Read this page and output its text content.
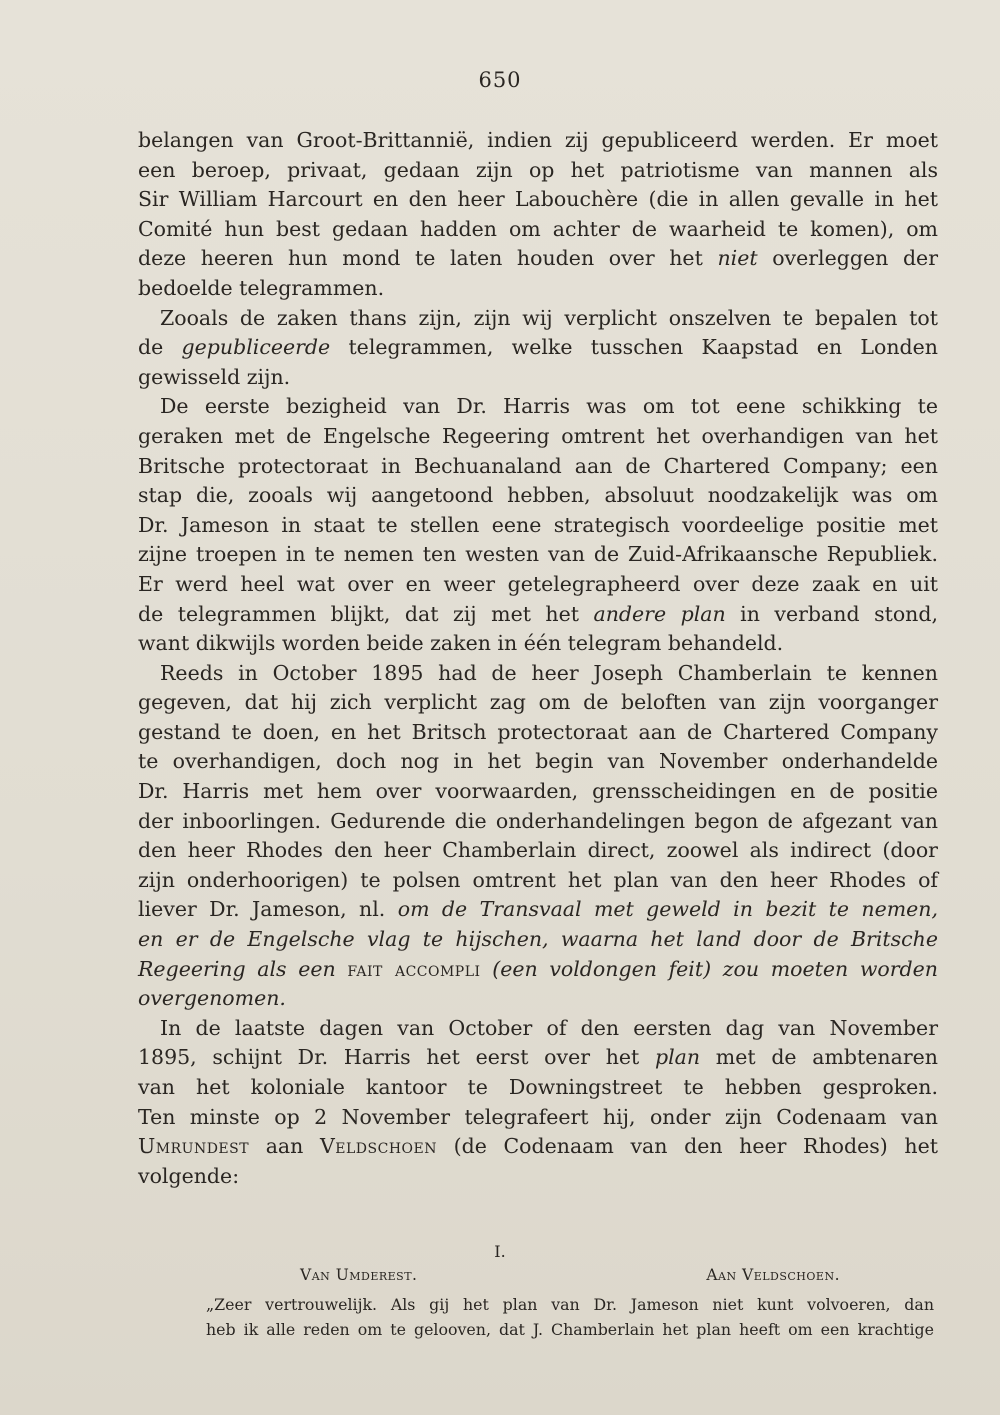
650

belangen van Groot-Brittannië, indien zij gepubliceerd werden. Er moet

een beroep, privaat, gedaan zijn op het patriotisme van mannen als

Sir William Harcourt en den heer Labouchère (die in allen gevalle in het

Comité hun best gedaan hadden om achter de waarheid te komen), om

deze heeren hun mond te laten houden over het niet overleggen der

bedoelde telegrammen.

Zooals de zaken thans zijn, zijn wij verplicht onszelven te bepalen tot

de gepubliceerde telegrammen, welke tusschen Kaapstad en Londen

gewisseld zijn.

De eerste bezigheid van Dr. Harris was om tot eene schikking te

geraken met de Engelsche Regeering omtrent het overhandigen van het

Britsche protectoraat in Bechuanaland aan de Chartered Company; een

stap die, zooals wij aangetoond hebben, absoluut noodzakelijk was om

Dr. Jameson in staat te stellen eene strategisch voordeelige positie met

zijne troepen in te nemen ten westen van de Zuid-Afrikaansche Republiek.

Er werd heel wat over en weer getelegrapheerd over deze zaak en uit

de telegrammen blijkt, dat zij met het andere plan in verband stond,

want dikwijls worden beide zaken in één telegram behandeld.

Reeds in October 1895 had de heer Joseph Chamberlain te kennen

gegeven, dat hij zich verplicht zag om de beloften van zijn voorganger

gestand te doen, en het Britsch protectoraat aan de Chartered Company

te overhandigen, doch nog in het begin van November onderhandelde

Dr. Harris met hem over voorwaarden, grensscheidingen en de positie

der inboorlingen. Gedurende die onderhandelingen begon de afgezant van

den heer Rhodes den heer Chamberlain direct, zoowel als indirect (door

zijn onderhoorigen) te polsen omtrent het plan van den heer Rhodes of

liever Dr. Jameson, nl. om de Transvaal met geweld in bezit te nemen,

en er de Engelsche vlag te hijschen, waarna het land door de Britsche

Regeering als een fait accompli (een voldongen feit) zou moeten worden

overgenomen.

In de laatste dagen van October of den eersten dag van November

1895, schijnt Dr. Harris het eerst over het plan met de ambtenaren

van het koloniale kantoor te Downingstreet te hebben gesproken.

Ten minste op 2 November telegrafeert hij, onder zijn Codenaam van

Umrundest aan Veldschoen (de Codenaam van den heer Rhodes) het

volgende:

I.
Van Umderest.	Aan Veldschoen.

„Zeer vertrouwelijk. Als gij het plan van Dr. Jameson niet kunt volvoeren, dan

heb ik alle reden om te gelooven, dat J. Chamberlain het plan heeft om een krachtige
